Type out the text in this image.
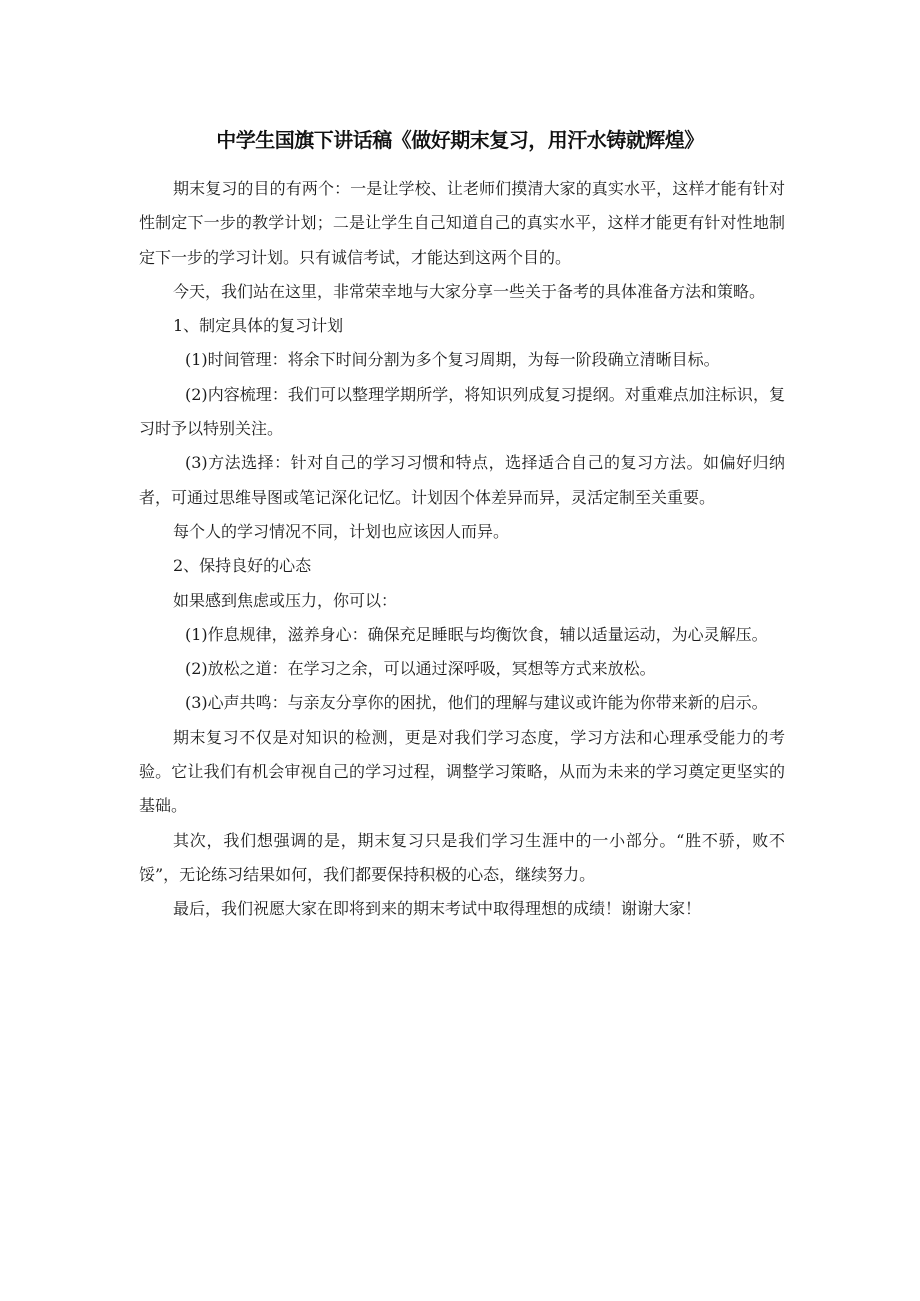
中学生国旗下讲话稿《做好期末复习，用汗水铸就辉煌》

期末复习的目的有两个：一是让学校、让老师们摸清大家的真实水平，这样才能有针对性制定下一步的教学计划；二是让学生自己知道自己的真实水平，这样才能更有针对性地制定下一步的学习计划。只有诚信考试，才能达到这两个目的。

今天，我们站在这里，非常荣幸地与大家分享一些关于备考的具体准备方法和策略。

1、制定具体的复习计划

(1)时间管理：将余下时间分割为多个复习周期，为每一阶段确立清晰目标。

(2)内容梳理：我们可以整理学期所学，将知识列成复习提纲。对重难点加注标识，复习时予以特别关注。

(3)方法选择：针对自己的学习习惯和特点，选择适合自己的复习方法。如偏好归纳者，可通过思维导图或笔记深化记忆。计划因个体差异而异，灵活定制至关重要。

每个人的学习情况不同，计划也应该因人而异。

2、保持良好的心态

如果感到焦虑或压力，你可以：

(1)作息规律，滋养身心：确保充足睡眠与均衡饮食，辅以适量运动，为心灵解压。

(2)放松之道：在学习之余，可以通过深呼吸，冥想等方式来放松。

(3)心声共鸣：与亲友分享你的困扰，他们的理解与建议或许能为你带来新的启示。

期末复习不仅是对知识的检测，更是对我们学习态度，学习方法和心理承受能力的考验。它让我们有机会审视自己的学习过程，调整学习策略，从而为未来的学习奠定更坚实的基础。

其次，我们想强调的是，期末复习只是我们学习生涯中的一小部分。“胜不骄，败不馁”，无论练习结果如何，我们都要保持积极的心态，继续努力。

最后，我们祝愿大家在即将到来的期末考试中取得理想的成绩！谢谢大家！
